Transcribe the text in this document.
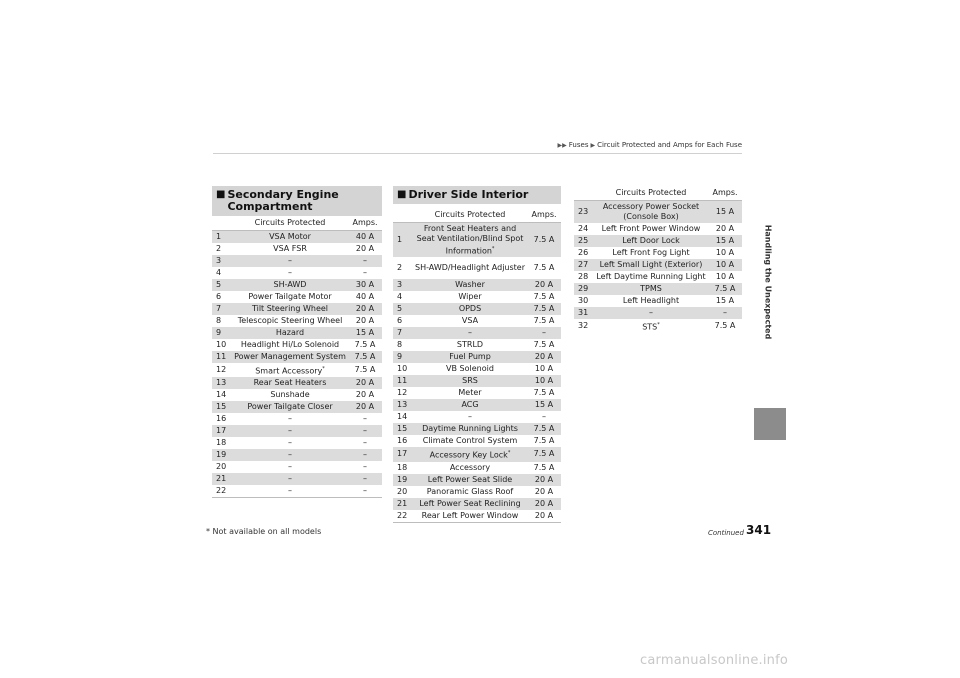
▶▶ Fuses ▶ Circuit Protected and Amps for Each Fuse
Handling the Unexpected
■ Secondary Engine
Compartment
	Circuits Protected	Amps.
1	VSA Motor	40 A
2	VSA FSR	20 A
3	–	–
4	–	–
5	SH-AWD	30 A
6	Power Tailgate Motor	40 A
7	Tilt Steering Wheel	20 A
8	Telescopic Steering Wheel	20 A
9	Hazard	15 A
10	Headlight Hi/Lo Solenoid	7.5 A
11	Power Management System	7.5 A
12	Smart Accessory*	7.5 A
13	Rear Seat Heaters	20 A
14	Sunshade	20 A
15	Power Tailgate Closer	20 A
16	–	–
17	–	–
18	–	–
19	–	–
20	–	–
21	–	–
22	–	–
■ Driver Side Interior
	Circuits Protected	Amps.
1	Front Seat Heaters and Seat Ventilation/Blind Spot Information*	7.5 A
2	SH-AWD/Headlight Adjuster	7.5 A
3	Washer	20 A
4	Wiper	7.5 A
5	OPDS	7.5 A
6	VSA	7.5 A
7	–	–
8	STRLD	7.5 A
9	Fuel Pump	20 A
10	VB Solenoid	10 A
11	SRS	10 A
12	Meter	7.5 A
13	ACG	15 A
14	–	–
15	Daytime Running Lights	7.5 A
16	Climate Control System	7.5 A
17	Accessory Key Lock*	7.5 A
18	Accessory	7.5 A
19	Left Power Seat Slide	20 A
20	Panoramic Glass Roof	20 A
21	Left Power Seat Reclining	20 A
22	Rear Left Power Window	20 A
	Circuits Protected	Amps.
23	Accessory Power Socket (Console Box)	15 A
24	Left Front Power Window	20 A
25	Left Door Lock	15 A
26	Left Front Fog Light	10 A
27	Left Small Light (Exterior)	10 A
28	Left Daytime Running Light	10 A
29	TPMS	7.5 A
30	Left Headlight	15 A
31	–	–
32	STS*	7.5 A
* Not available on all models	Continued 341
carmanualsonline.info
